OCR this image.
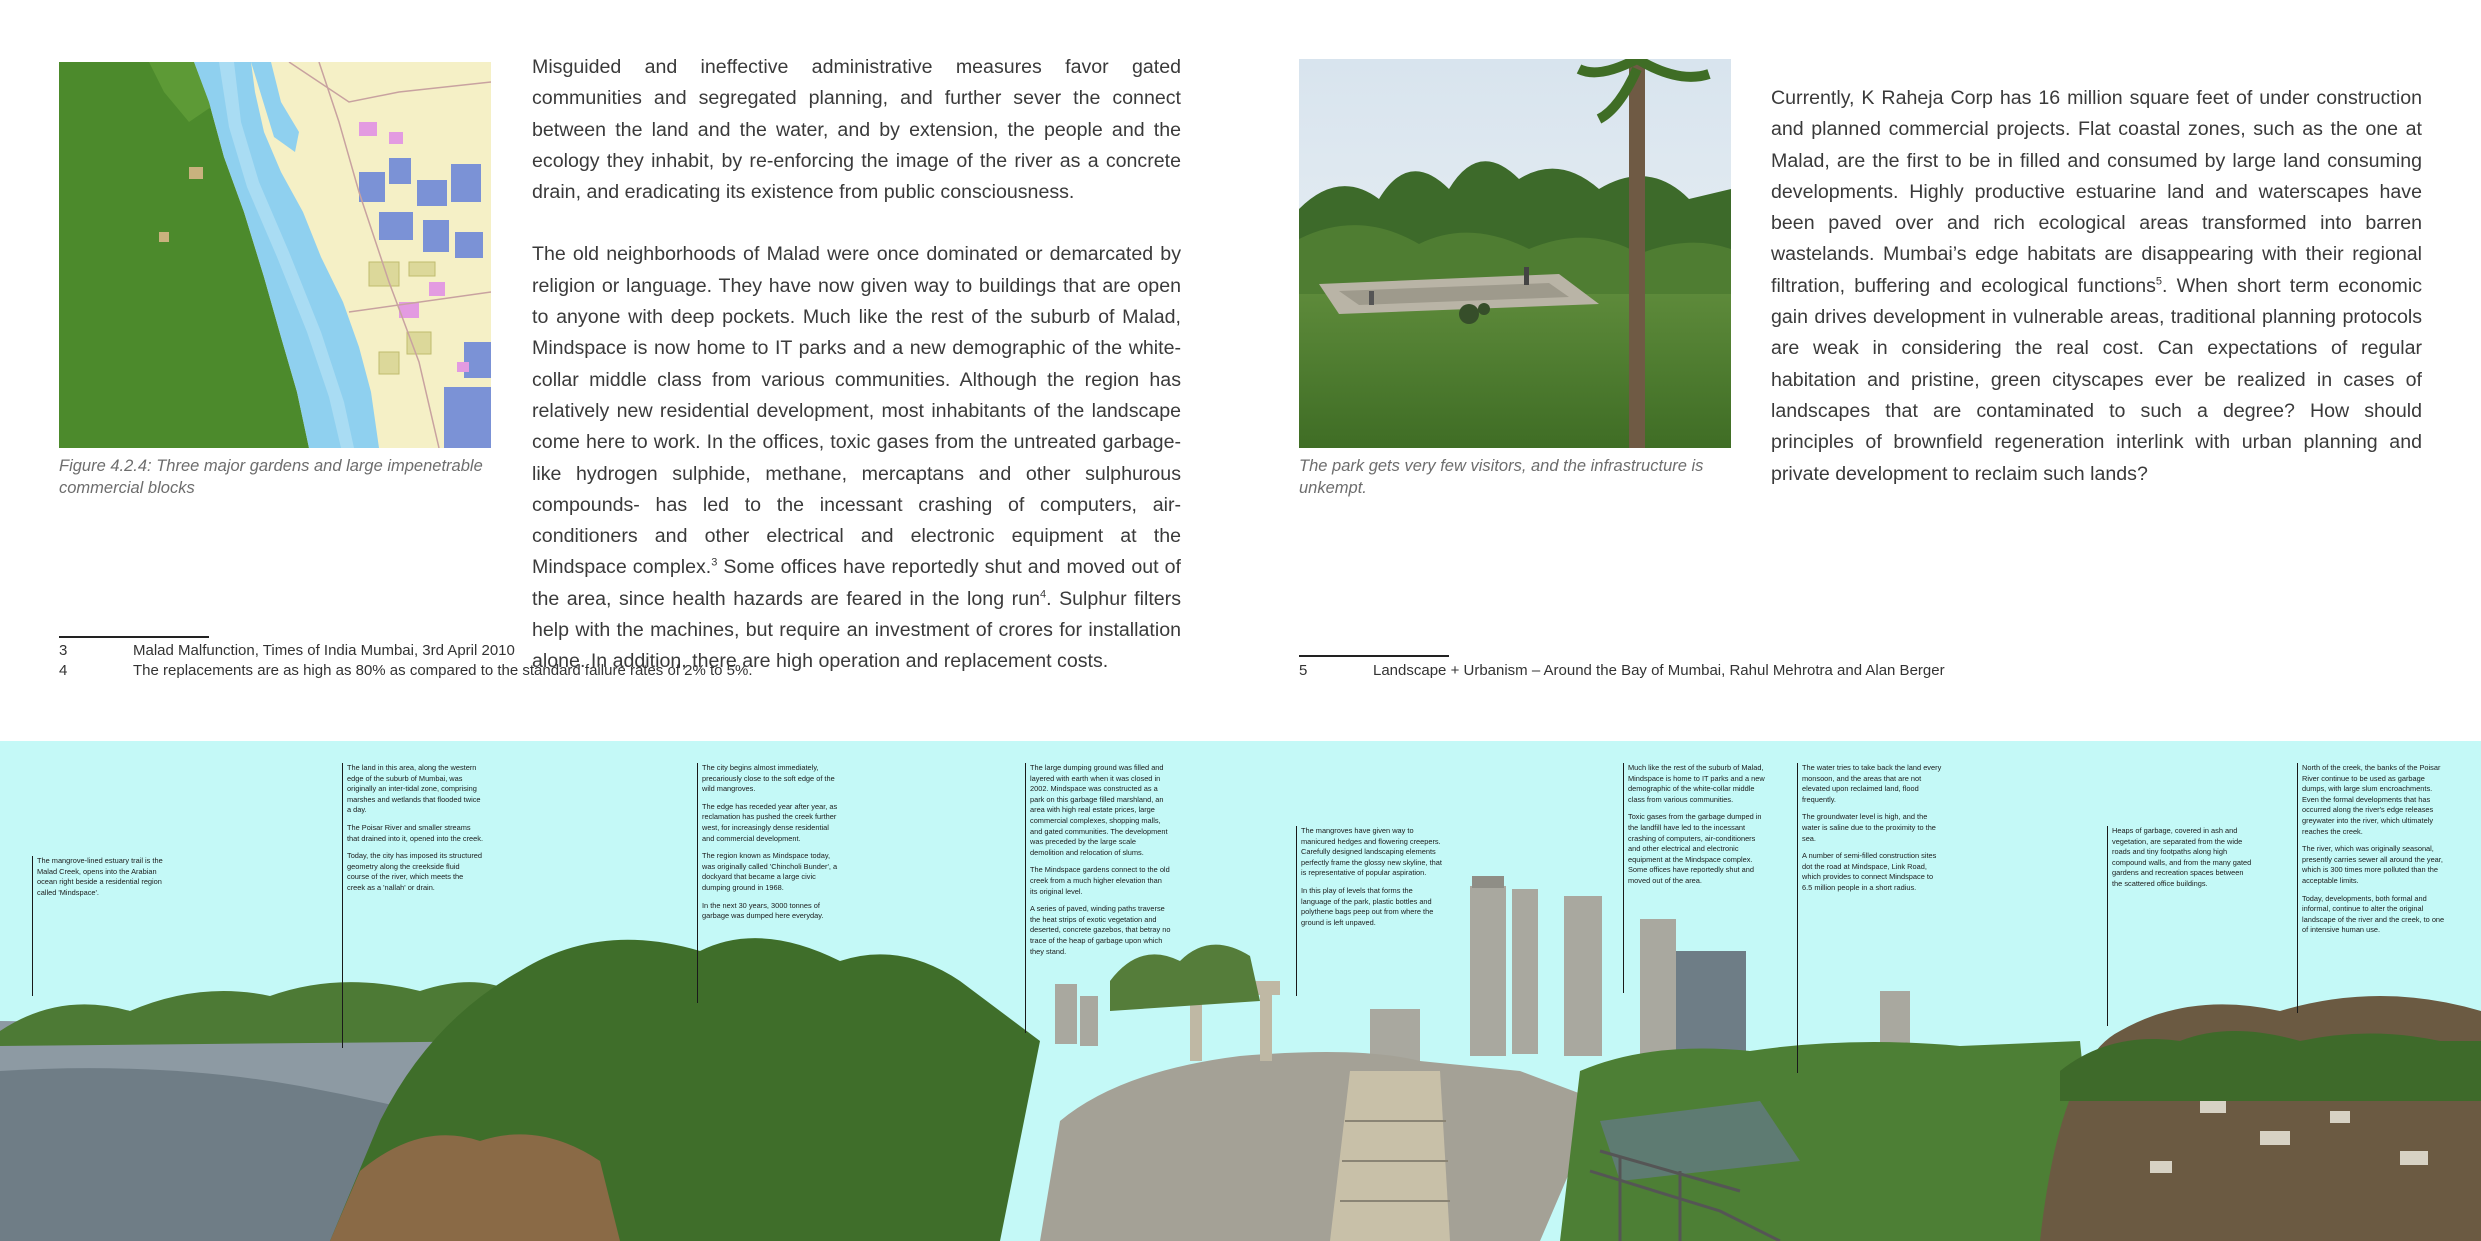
Figure 4.2.4: Three major gardens and large impenetrable commercial blocks

Misguided and ineffective administrative measures favor gated communities and segregated planning, and further sever the connect between the land and the water, and by extension, the people and the ecology they inhabit, by re-enforcing the image of the river as a concrete drain, and eradicating its existence from public consciousness.

The old neighborhoods of Malad were once dominated or demarcated by religion or language. They have now given way to buildings that are open to anyone with deep pockets. Much like the rest of the suburb of Malad, Mindspace is now home to IT parks and a new demographic of the white-collar middle class from various communities. Although the region has relatively new residential development, most inhabitants of the landscape come here to work. In the offices, toxic gases from the untreated garbage- like hydrogen sulphide, methane, mercaptans and other sulphurous compounds- has led to the incessant crashing of computers, air-conditioners and other electrical and electronic equipment at the Mindspace complex.$^3$ Some offices have reportedly shut and moved out of the area, since health hazards are feared in the long run$^4$. Sulphur filters help with the machines, but require an investment of crores for installation alone. In addition, there are high operation and replacement costs.

3	Malad Malfunction, Times of India Mumbai, 3rd April 2010
4	The replacements are as high as 80% as compared to the standard failure rates of 2% to 5%.
The park gets very few visitors, and the infrastructure is unkempt.

Currently, K Raheja Corp has 16 million square feet of under construction and planned commercial projects. Flat coastal zones, such as the one at Malad, are the first to be in filled and consumed by large land consuming developments. Highly productive estuarine land and waterscapes have been paved over and rich ecological areas transformed into barren wastelands. Mumbai’s edge habitats are disappearing with their regional filtration, buffering and ecological functions$^5$. When short term economic gain drives development in vulnerable areas, traditional planning protocols are weak in considering the real cost. Can expectations of regular habitation and pristine, green cityscapes ever be realized in cases of landscapes that are contaminated to such a degree? How should principles of brownfield regeneration interlink with urban planning and private development to reclaim such lands?

5	Landscape + Urbanism – Around the Bay of Mumbai, Rahul Mehrotra and Alan Berger

The mangrove-lined estuary trail is the Malad Creek, opens into the Arabian ocean right beside a residential region called 'Mindspace'.

The land in this area, along the western edge of the suburb of Mumbai, was originally an inter-tidal zone, comprising marshes and wetlands that flooded twice a day.

The Poisar River and smaller streams that drained into it, opened into the creek.

Today, the city has imposed its structured geometry along the creekside fluid course of the river, which meets the creek as a 'nallah' or drain.

The city begins almost immediately, precariously close to the soft edge of the wild mangroves.

The edge has receded year after year, as reclamation has pushed the creek further west, for increasingly dense residential and commercial development.

The region known as Mindspace today, was originally called 'Chincholi Bunder', a dockyard that became a large civic dumping ground in 1968.

In the next 30 years, 3000 tonnes of garbage was dumped here everyday.

The large dumping ground was filled and layered with earth when it was closed in 2002. Mindspace was constructed as a park on this garbage filled marshland, an area with high real estate prices, large commercial complexes, shopping malls, and gated communities. The development was preceded by the large scale demolition and relocation of slums.

The Mindspace gardens connect to the old creek from a much higher elevation than its original level.

A series of paved, winding paths traverse the heat strips of exotic vegetation and deserted, concrete gazebos, that betray no trace of the heap of garbage upon which they stand.

The mangroves have given way to manicured hedges and flowering creepers. Carefully designed landscaping elements perfectly frame the glossy new skyline, that is representative of popular aspiration.

In this play of levels that forms the language of the park, plastic bottles and polythene bags peep out from where the ground is left unpaved.

Much like the rest of the suburb of Malad, Mindspace is home to IT parks and a new demographic of the white-collar middle class from various communities.

Toxic gases from the garbage dumped in the landfill have led to the incessant crashing of computers, air-conditioners and other electrical and electronic equipment at the Mindspace complex. Some offices have reportedly shut and moved out of the area.

The water tries to take back the land every monsoon, and the areas that are not elevated upon reclaimed land, flood frequently.

The groundwater level is high, and the water is saline due to the proximity to the sea.

A number of semi-filled construction sites dot the road at Mindspace, Link Road, which provides to connect Mindspace to 6.5 million people in a short radius.

Heaps of garbage, covered in ash and vegetation, are separated from the wide roads and tiny footpaths along high compound walls, and from the many gated gardens and recreation spaces between the scattered office buildings.

North of the creek, the banks of the Poisar River continue to be used as garbage dumps, with large slum encroachments. Even the formal developments that has occurred along the river's edge releases greywater into the river, which ultimately reaches the creek.

The river, which was originally seasonal, presently carries sewer all around the year, which is 300 times more polluted than the acceptable limits.

Today, developments, both formal and informal, continue to alter the original landscape of the river and the creek, to one of intensive human use.
